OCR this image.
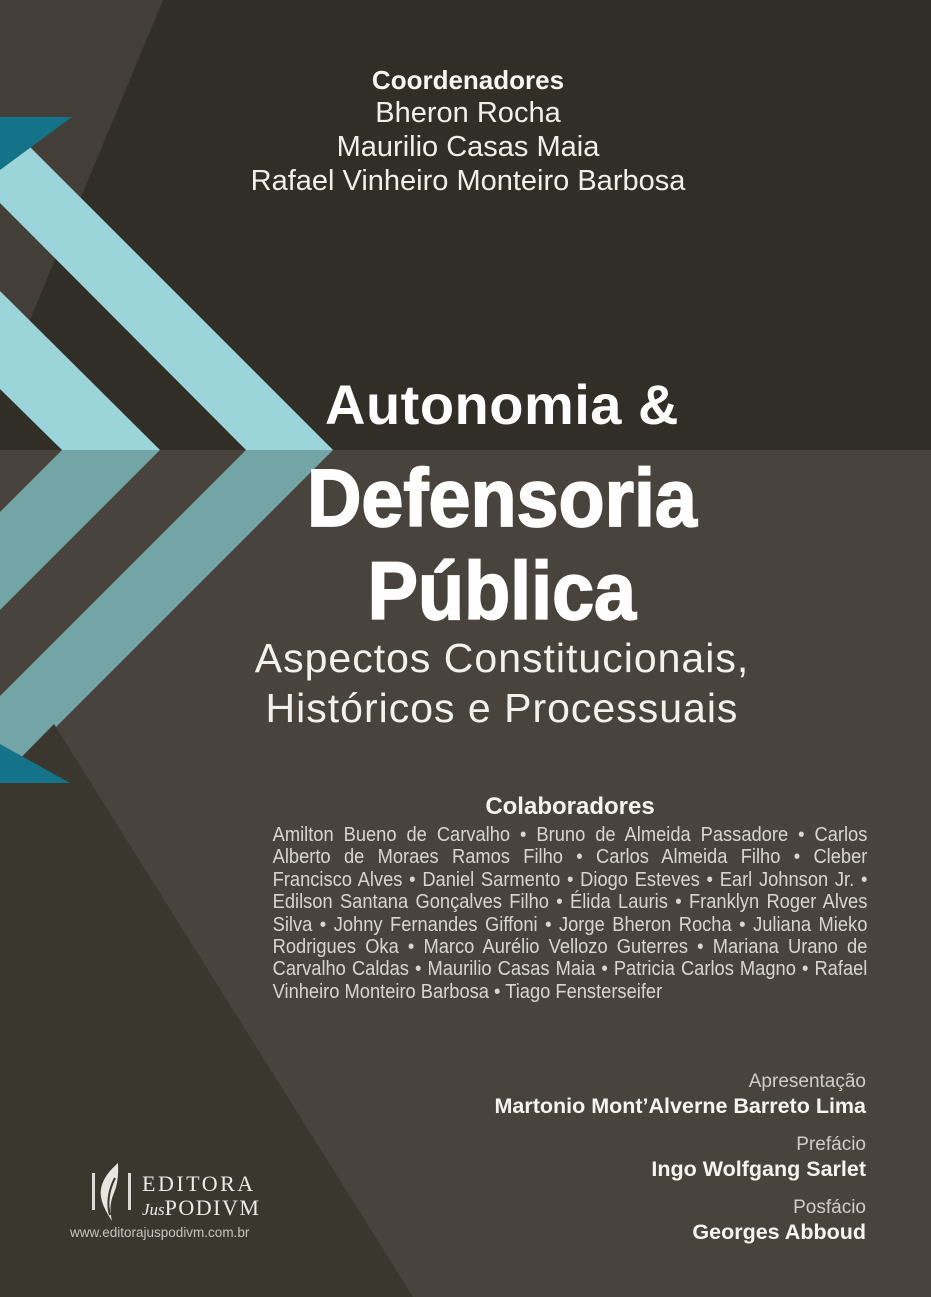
Coordenadores
Bheron Rocha
Maurilio Casas Maia
Rafael Vinheiro Monteiro Barbosa
Autonomia &
Defensoria
Pública
Aspectos Constitucionais,
Históricos e Processuais
Colaboradores
Amilton Bueno de Carvalho • Bruno de Almeida Passadore • Carlos Alberto de Moraes Ramos Filho • Carlos Almeida Filho • Cleber Francisco Alves • Daniel Sarmento • Diogo Esteves • Earl Johnson Jr. • Edilson Santana Gonçalves Filho • Élida Lauris • Franklyn Roger Alves Silva • Johny Fernandes Giffoni • Jorge Bheron Rocha • Juliana Mieko Rodrigues Oka • Marco Aurélio Vellozo Guterres • Mariana Urano de Carvalho Caldas • Maurilio Casas Maia • Patricia Carlos Magno • Rafael Vinheiro Monteiro Barbosa • Tiago Fensterseifer
Apresentação
Martonio Mont’Alverne Barreto Lima
Prefácio
Ingo Wolfgang Sarlet
Posfácio
Georges Abboud
EDITORA
JusPODIVM
www.editorajuspodivm.com.br
